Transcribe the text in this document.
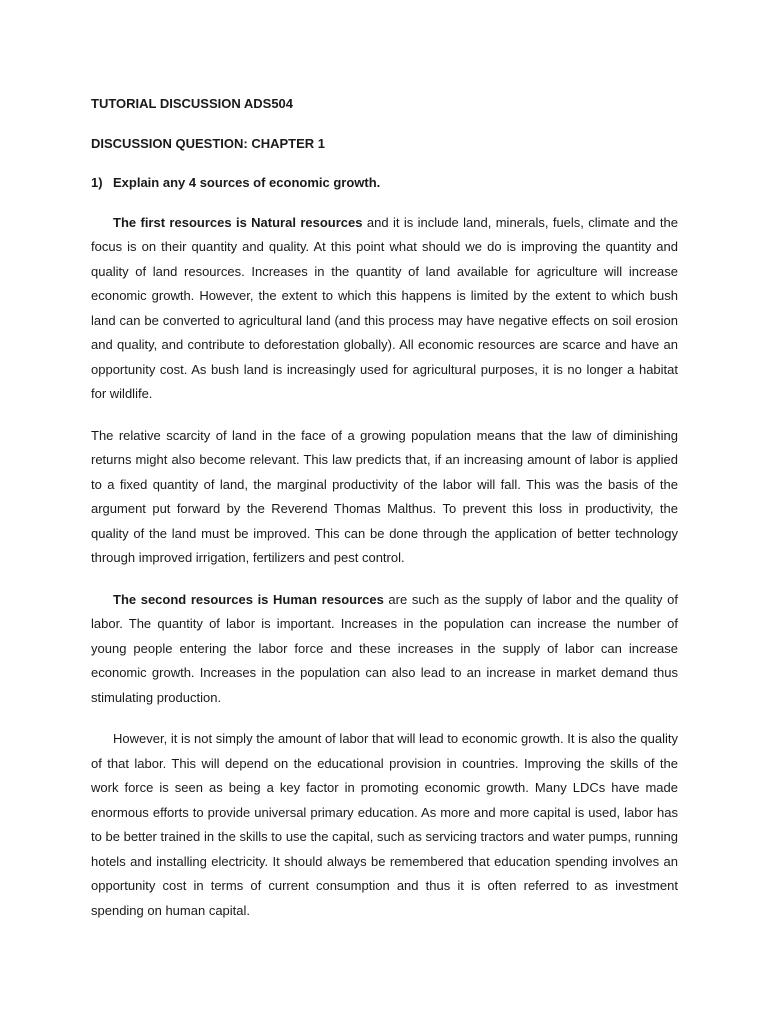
TUTORIAL DISCUSSION ADS504
DISCUSSION QUESTION: CHAPTER 1
1) Explain any 4 sources of economic growth.

The first resources is Natural resources and it is include land, minerals, fuels, climate and the focus is on their quantity and quality. At this point what should we do is improving the quantity and quality of land resources. Increases in the quantity of land available for agriculture will increase economic growth. However, the extent to which this happens is limited by the extent to which bush land can be converted to agricultural land (and this process may have negative effects on soil erosion and quality, and contribute to deforestation globally). All economic resources are scarce and have an opportunity cost. As bush land is increasingly used for agricultural purposes, it is no longer a habitat for wildlife.

The relative scarcity of land in the face of a growing population means that the law of diminishing returns might also become relevant. This law predicts that, if an increasing amount of labor is applied to a fixed quantity of land, the marginal productivity of the labor will fall. This was the basis of the argument put forward by the Reverend Thomas Malthus. To prevent this loss in productivity, the quality of the land must be improved. This can be done through the application of better technology through improved irrigation, fertilizers and pest control.

The second resources is Human resources are such as the supply of labor and the quality of labor. The quantity of labor is important. Increases in the population can increase the number of young people entering the labor force and these increases in the supply of labor can increase economic growth. Increases in the population can also lead to an increase in market demand thus stimulating production.

However, it is not simply the amount of labor that will lead to economic growth. It is also the quality of that labor. This will depend on the educational provision in countries. Improving the skills of the work force is seen as being a key factor in promoting economic growth. Many LDCs have made enormous efforts to provide universal primary education. As more and more capital is used, labor has to be better trained in the skills to use the capital, such as servicing tractors and water pumps, running hotels and installing electricity. It should always be remembered that education spending involves an opportunity cost in terms of current consumption and thus it is often referred to as investment spending on human capital.
